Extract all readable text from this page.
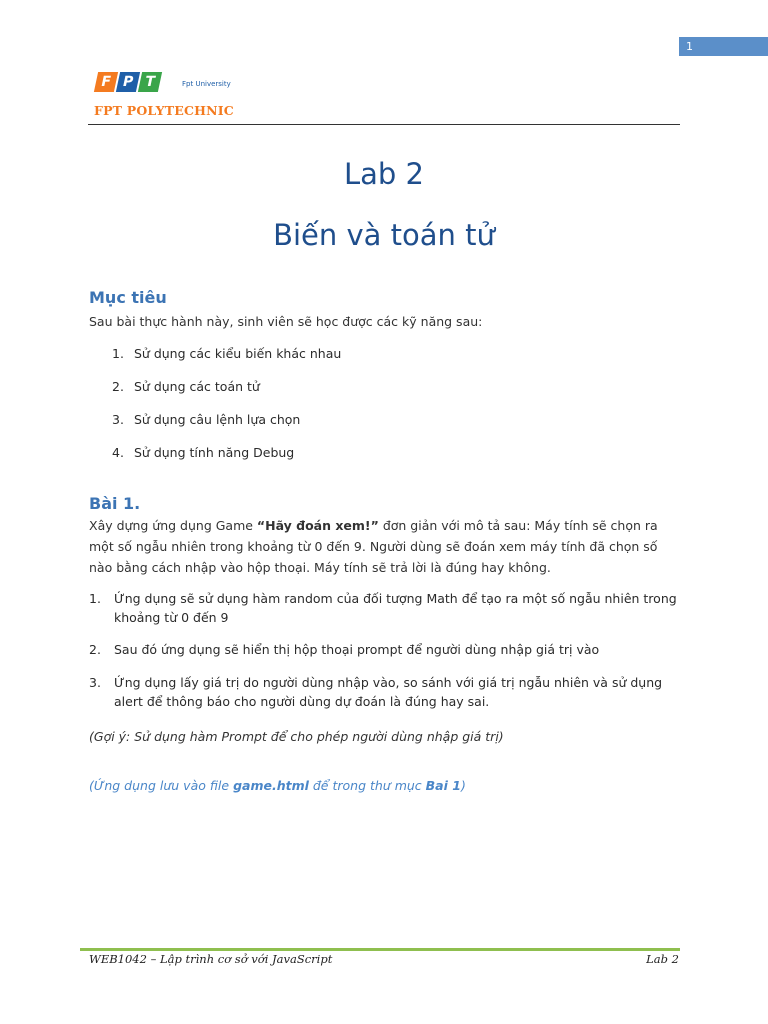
1
F P T	Fpt University
FPT POLYTECHNIC
Lab 2
Biến và toán tử
Mục tiêu
Sau bài thực hành này, sinh viên sẽ học được các kỹ năng sau:
1. Sử dụng các kiểu biến khác nhau
2. Sử dụng các toán tử
3. Sử dụng câu lệnh lựa chọn
4. Sử dụng tính năng Debug
Bài 1.
Xây dựng ứng dụng Game “Hãy đoán xem!” đơn giản với mô tả sau: Máy tính sẽ chọn ra một số ngẫu nhiên trong khoảng từ 0 đến 9. Người dùng sẽ đoán xem máy tính đã chọn số nào bằng cách nhập vào hộp thoại. Máy tính sẽ trả lời là đúng hay không.
1. Ứng dụng sẽ sử dụng hàm random của đối tượng Math để tạo ra một số ngẫu nhiên trong khoảng từ 0 đến 9
2. Sau đó ứng dụng sẽ hiển thị hộp thoại prompt để người dùng nhập giá trị vào
3. Ứng dụng lấy giá trị do người dùng nhập vào, so sánh với giá trị ngẫu nhiên và sử dụng alert để thông báo cho người dùng dự đoán là đúng hay sai.
(Gợi ý: Sử dụng hàm Prompt để cho phép người dùng nhập giá trị)
(Ứng dụng lưu vào file game.html để trong thư mục Bai 1)
WEB1042 – Lập trình cơ sở với JavaScript	Lab 2
